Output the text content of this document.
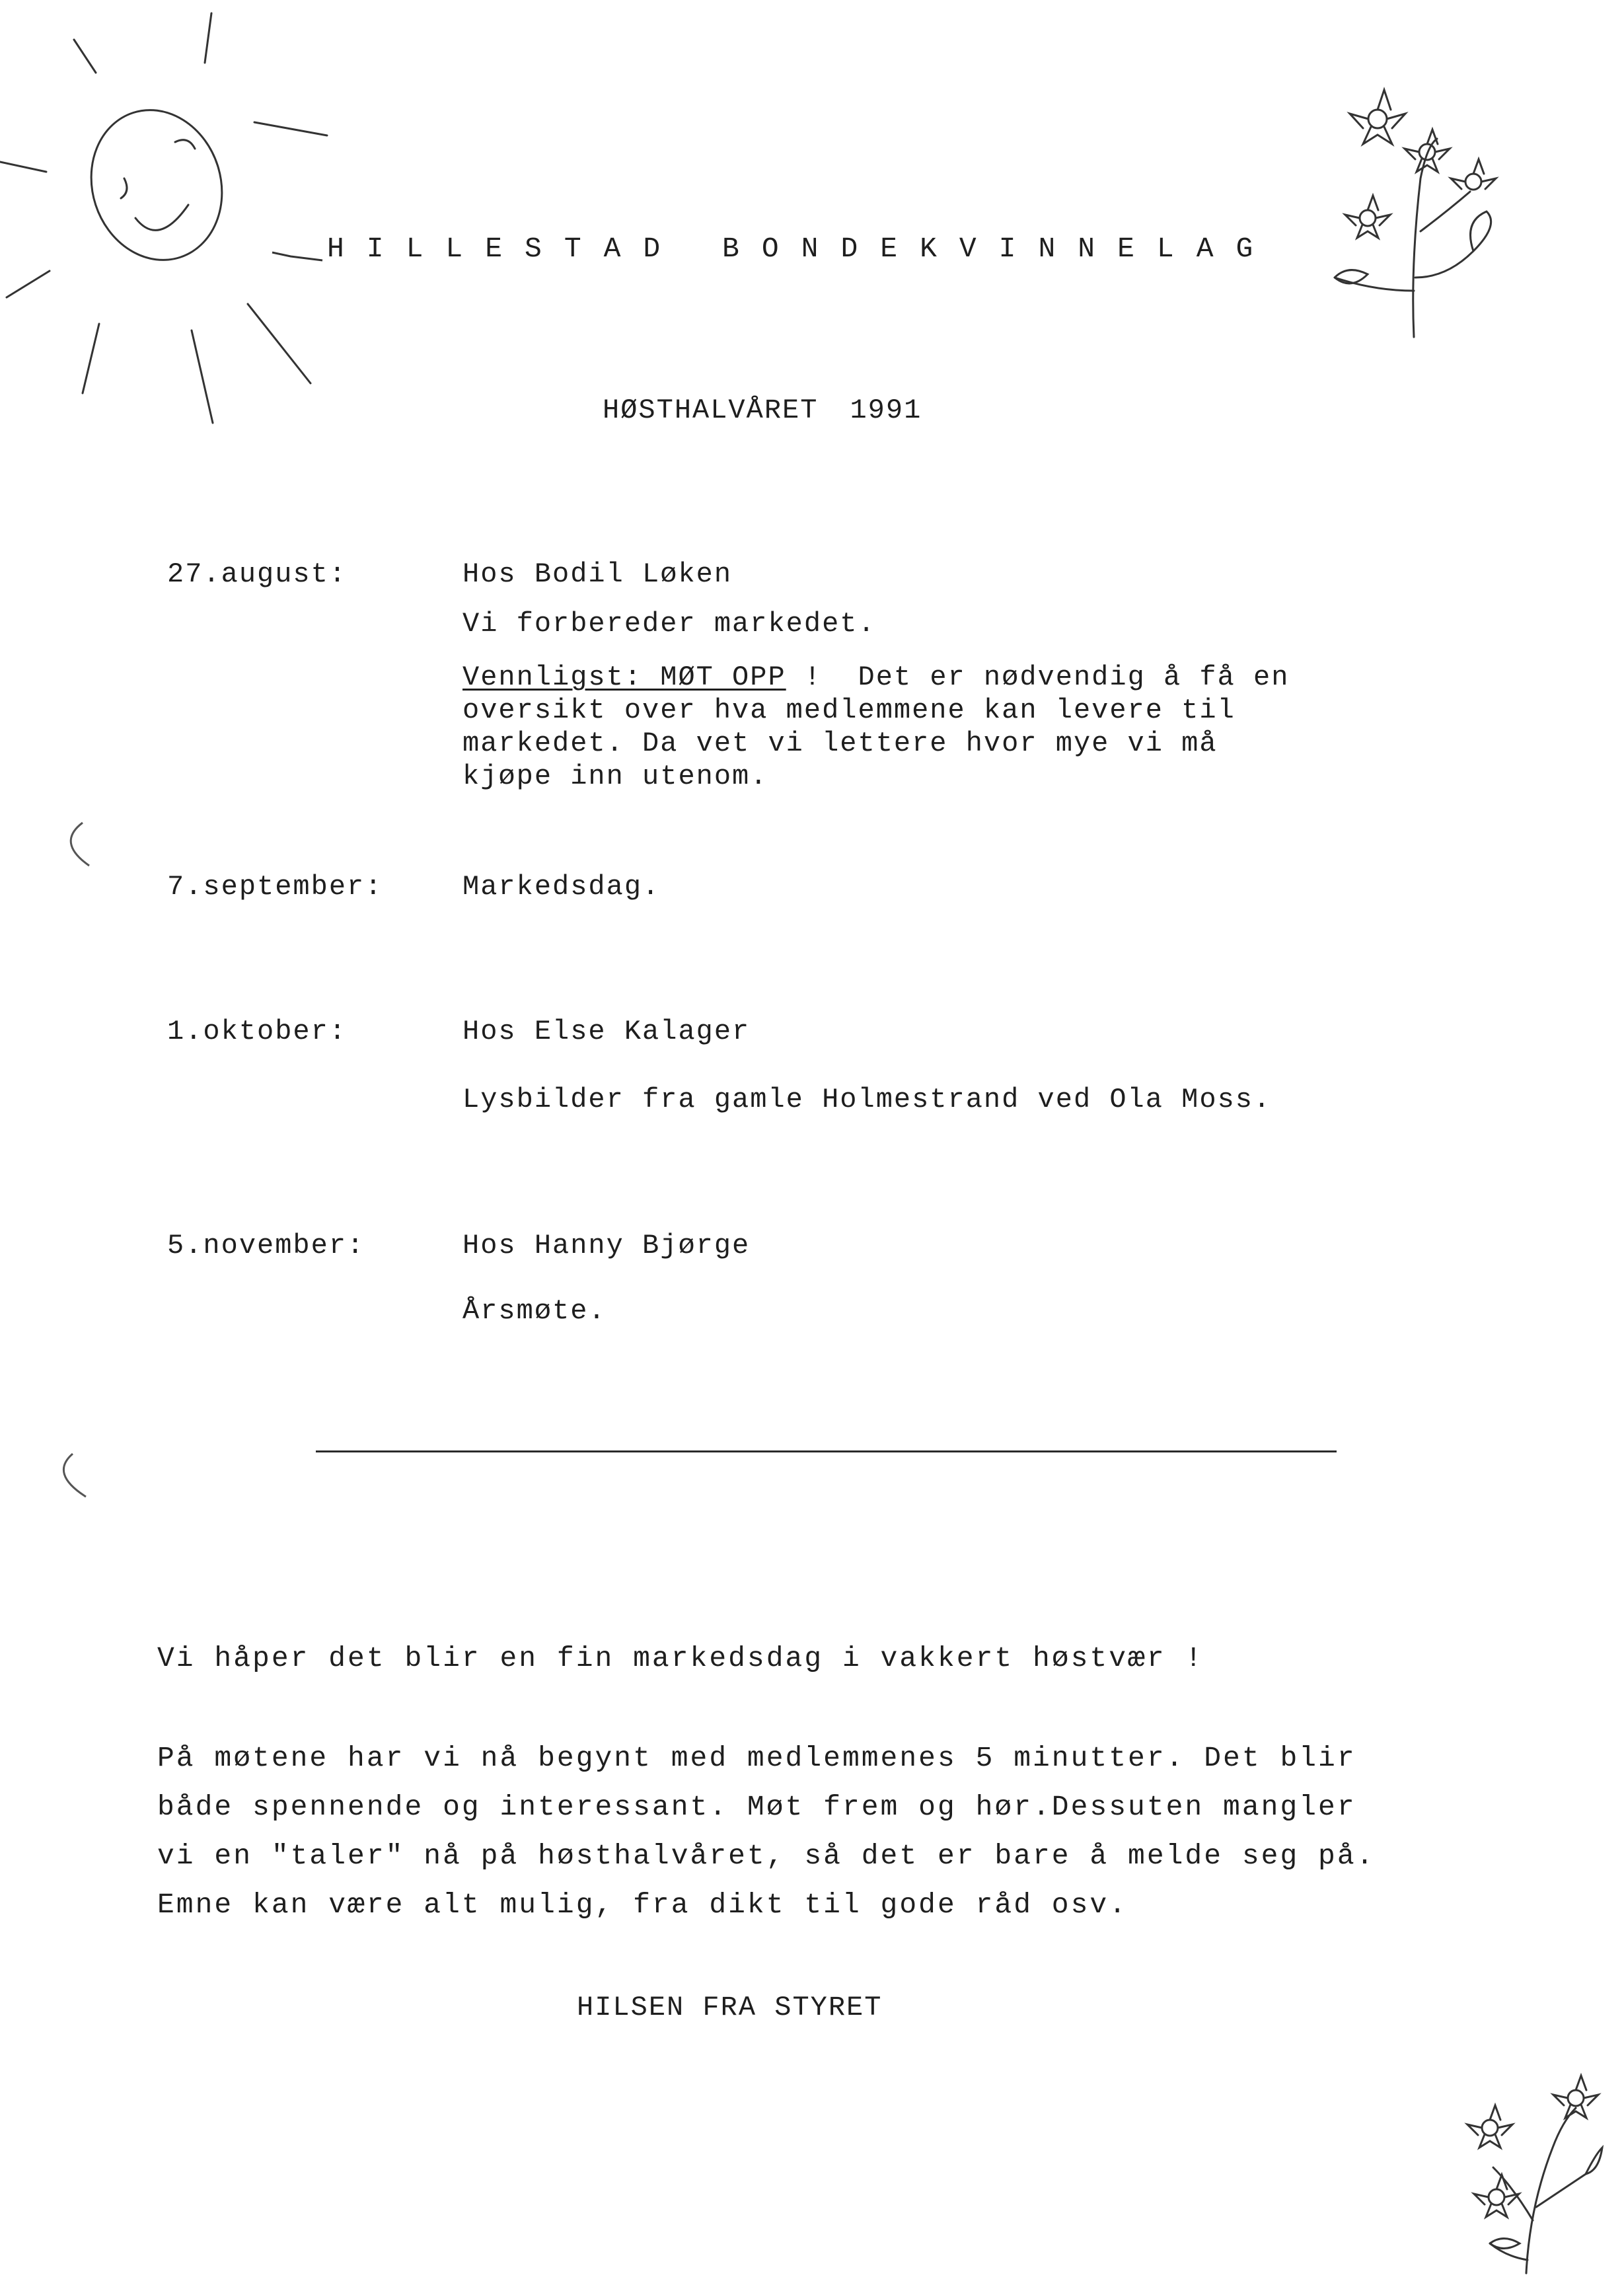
HILLESTAD BONDEKVINNELAG
HØSTHALVÅRET 1991
27.august:	Hos Bodil Løken
Vi forbereder markedet.
Vennligst: MØT OPP !  Det er nødvendig å få en
oversikt over hva medlemmene kan levere til
markedet. Da vet vi lettere hvor mye vi må
kjøpe inn utenom.
7.september:	Markedsdag.
1.oktober:	Hos Else Kalager
Lysbilder fra gamle Holmestrand ved Ola Moss.
5.november:	Hos Hanny Bjørge
Årsmøte.
Vi håper det blir en fin markedsdag i vakkert høstvær !
På møtene har vi nå begynt med medlemmenes 5 minutter. Det blir
både spennende og interessant. Møt frem og hør.Dessuten mangler
vi en "taler" nå på høsthalvåret, så det er bare å melde seg på.
Emne kan være alt mulig, fra dikt til gode råd osv.
HILSEN FRA STYRET
